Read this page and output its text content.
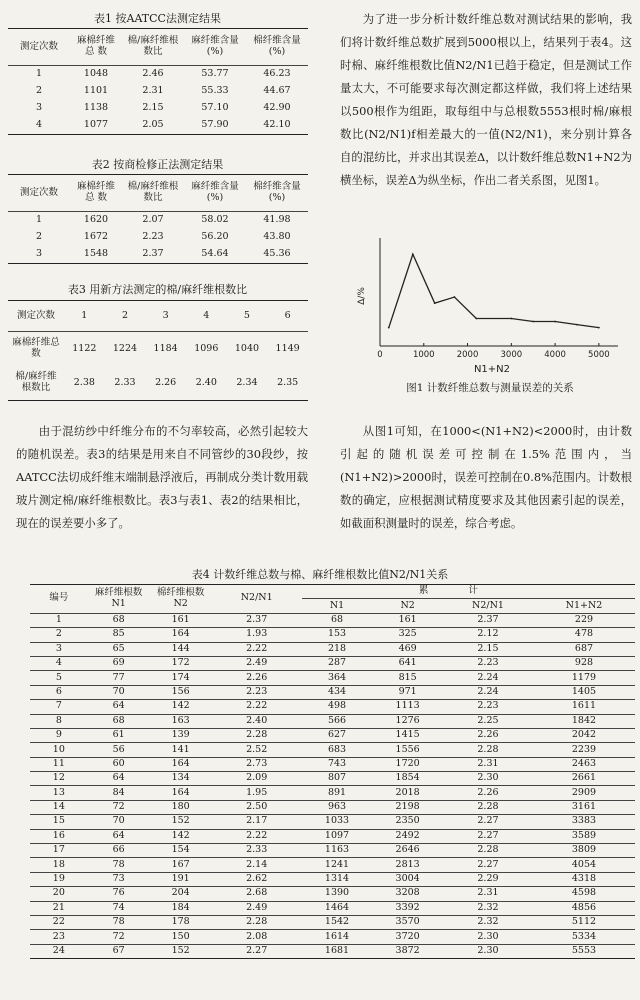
表1 按AATCC法测定结果
测定次数	麻棉纤维总 数	棉/麻纤维根数比	麻纤维含量(%)	棉纤维含量(%)
1	1048	2.46	53.77	46.23
2	1101	2.31	55.33	44.67
3	1138	2.15	57.10	42.90
4	1077	2.05	57.90	42.10
表2 按商检修正法测定结果
测定次数	麻棉纤维总 数	棉/麻纤维根数比	麻纤维含量(%)	棉纤维含量(%)
1	1620	2.07	58.02	41.98
2	1672	2.23	56.20	43.80
3	1548	2.37	54.64	45.36
表3 用新方法测定的棉/麻纤维根数比
测定次数	1	2	3	4	5	6
麻棉纤维总 数	1122	1224	1184	1096	1040	1149
棉/麻纤维根数比	2.38	2.33	2.26	2.40	2.34	2.35
由于混纺纱中纤维分布的不匀率较高，必然引起较大的随机误差。表3的结果是用来自不同管纱的30段纱，按AATCC法切成纤维末端制悬浮液后，再制成分类计数用载玻片测定棉/麻纤维根数比。表3与表1、表2的结果相比，现在的误差要小多了。
为了进一步分析计数纤维总数对测试结果的影响，我们将计数纤维总数扩展到5000根以上，结果列于表4。这时棉、麻纤维根数比值N2/N1已趋于稳定，但是测试工作量太大，不可能要求每次测定都这样做，我们将上述结果以500根作为组距，取每组中与总根数5553根时棉/麻根数比(N2/N1)f相差最大的一值(N2/N1)，来分别计算各自的混纺比，并求出其误差Δ，以计数纤维总数N1+N2为横坐标，误差Δ为纵坐标，作出二者关系图，见图1。
0	1000	2000	3000	4000	5000
Δ/%
N1+N2
图1 计数纤维总数与测量误差的关系
从图1可知，在1000<(N1+N2)<2000时，由计数引起的随机误差可控制在1.5%范围内，当(N1+N2)>2000时，误差可控制在0.8%范围内。计数根数的确定，应根据测试精度要求及其他因素引起的误差，如截面积测量时的误差，综合考虑。
表4 计数纤维总数与棉、麻纤维根数比值N2/N1关系
编号	麻纤维根数N1	棉纤维根数N2	N2/N1	累计			
				N1	N2	N2/N1	N1+N2
1	68	161	2.37	68	161	2.37	229
2	85	164	1.93	153	325	2.12	478
3	65	144	2.22	218	469	2.15	687
4	69	172	2.49	287	641	2.23	928
5	77	174	2.26	364	815	2.24	1179
6	70	156	2.23	434	971	2.24	1405
7	64	142	2.22	498	1113	2.23	1611
8	68	163	2.40	566	1276	2.25	1842
9	61	139	2.28	627	1415	2.26	2042
10	56	141	2.52	683	1556	2.28	2239
11	60	164	2.73	743	1720	2.31	2463
12	64	134	2.09	807	1854	2.30	2661
13	84	164	1.95	891	2018	2.26	2909
14	72	180	2.50	963	2198	2.28	3161
15	70	152	2.17	1033	2350	2.27	3383
16	64	142	2.22	1097	2492	2.27	3589
17	66	154	2.33	1163	2646	2.28	3809
18	78	167	2.14	1241	2813	2.27	4054
19	73	191	2.62	1314	3004	2.29	4318
20	76	204	2.68	1390	3208	2.31	4598
21	74	184	2.49	1464	3392	2.32	4856
22	78	178	2.28	1542	3570	2.32	5112
23	72	150	2.08	1614	3720	2.30	5334
24	67	152	2.27	1681	3872	2.30	5553
